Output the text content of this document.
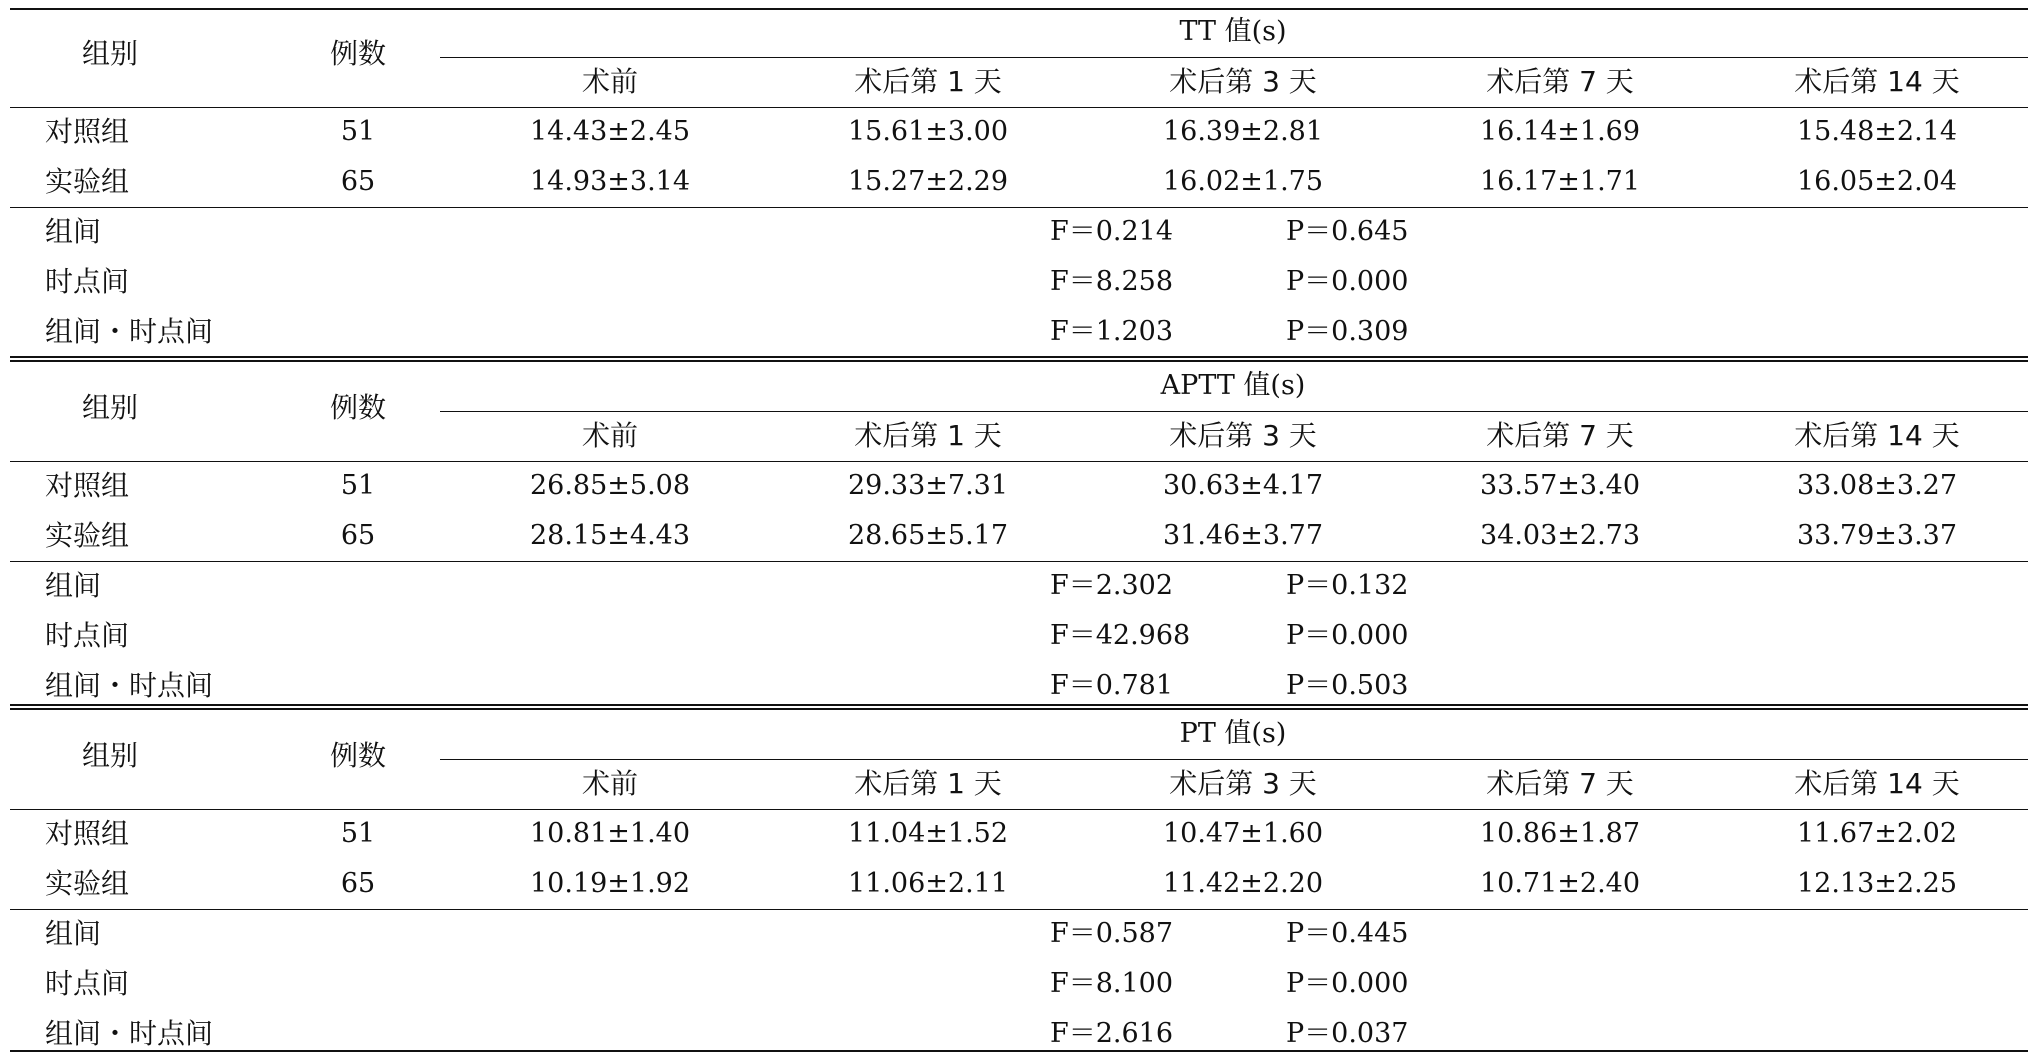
组别	例数
TT 值(s)
术前	术后第 1 天	术后第 3 天	术后第 7 天	术后第 14 天
对照组	51	14.43±2.45	15.61±3.00	16.39±2.81	16.14±1.69	15.48±2.14
实验组	65	14.93±3.14	15.27±2.29	16.02±1.75	16.17±1.71	16.05±2.04
组间	F＝0.214	P＝0.645
时点间	F＝8.258	P＝0.000
组间・时点间	F＝1.203	P＝0.309
组别	例数
APTT 值(s)
术前	术后第 1 天	术后第 3 天	术后第 7 天	术后第 14 天
对照组	51	26.85±5.08	29.33±7.31	30.63±4.17	33.57±3.40	33.08±3.27
实验组	65	28.15±4.43	28.65±5.17	31.46±3.77	34.03±2.73	33.79±3.37
组间	F＝2.302	P＝0.132
时点间	F＝42.968	P＝0.000
组间・时点间	F＝0.781	P＝0.503
组别	例数
PT 值(s)
术前	术后第 1 天	术后第 3 天	术后第 7 天	术后第 14 天
对照组	51	10.81±1.40	11.04±1.52	10.47±1.60	10.86±1.87	11.67±2.02
实验组	65	10.19±1.92	11.06±2.11	11.42±2.20	10.71±2.40	12.13±2.25
组间	F＝0.587	P＝0.445
时点间	F＝8.100	P＝0.000
组间・时点间	F＝2.616	P＝0.037
